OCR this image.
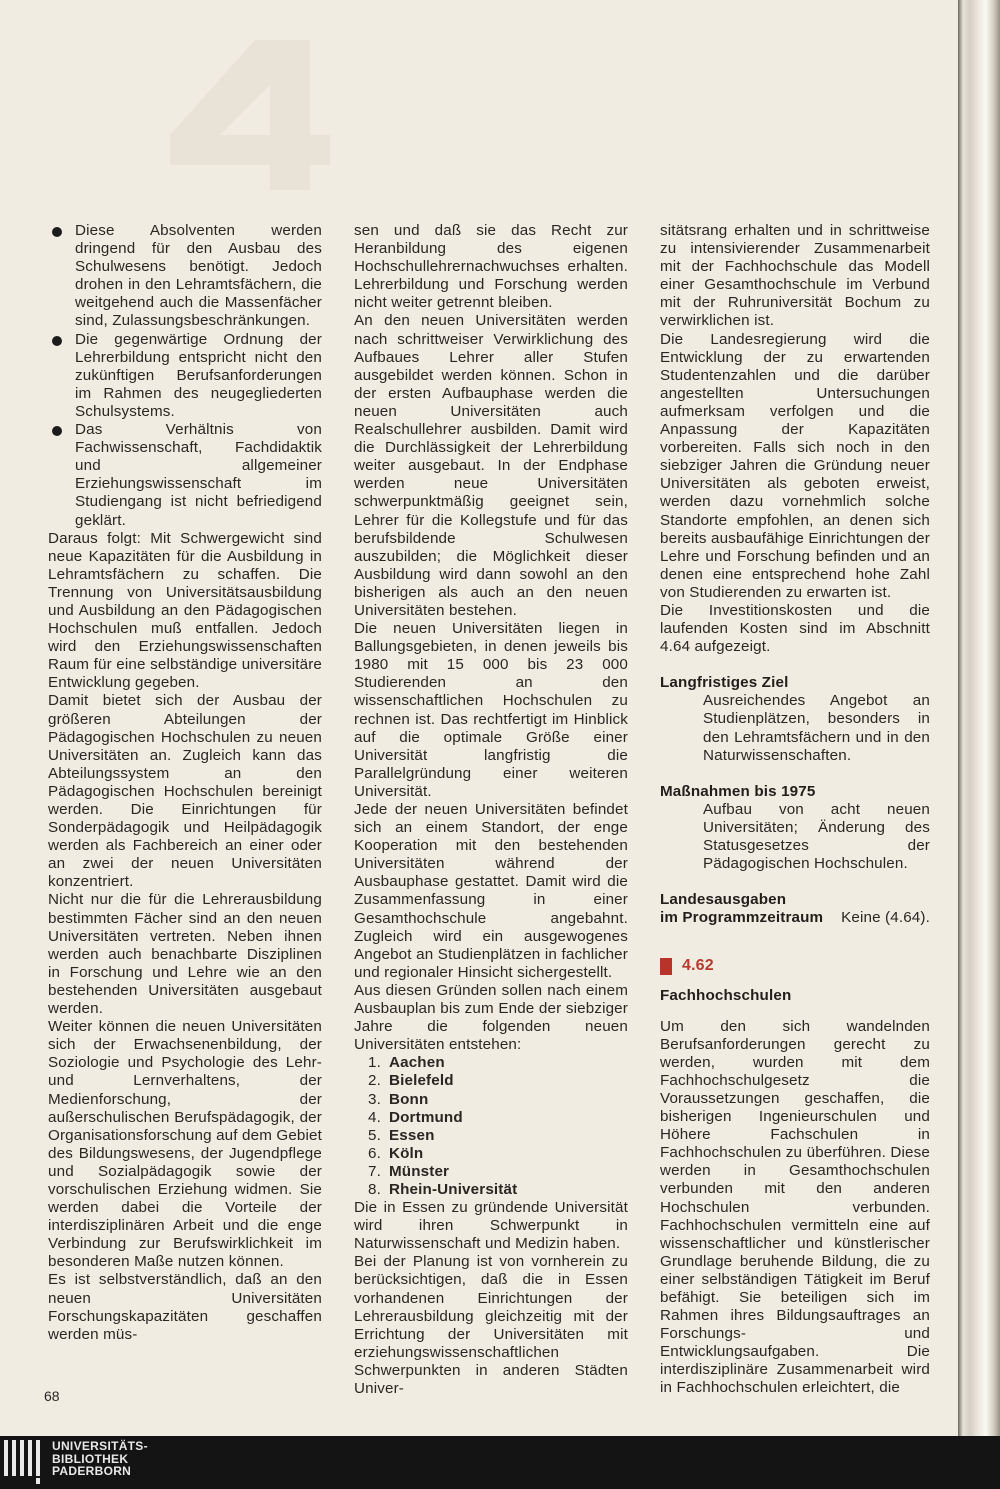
Diese Absolventen werden dringend für den Ausbau des Schulwesens benötigt. Jedoch drohen in den Lehramtsfächern, die weitgehend auch die Massenfächer sind, Zulassungsbeschränkungen.

Die gegenwärtige Ordnung der Lehrerbildung entspricht nicht den zukünftigen Berufsanforderungen im Rahmen des neugegliederten Schulsystems.

Das Verhältnis von Fachwissenschaft, Fachdidaktik und allgemeiner Erziehungswissenschaft im Studiengang ist nicht befriedigend geklärt.

Daraus folgt: Mit Schwergewicht sind neue Kapazitäten für die Ausbildung in Lehramtsfächern zu schaffen. Die Trennung von Universitätsausbildung und Ausbildung an den Pädagogischen Hochschulen muß entfallen. Jedoch wird den Erziehungswissenschaften Raum für eine selbständige universitäre Entwicklung gegeben.

Damit bietet sich der Ausbau der größeren Abteilungen der Pädagogischen Hochschulen zu neuen Universitäten an. Zugleich kann das Abteilungssystem an den Pädagogischen Hochschulen bereinigt werden. Die Einrichtungen für Sonderpädagogik und Heilpädagogik werden als Fachbereich an einer oder an zwei der neuen Universitäten konzentriert.

Nicht nur die für die Lehrerausbildung bestimmten Fächer sind an den neuen Universitäten vertreten. Neben ihnen werden auch benachbarte Disziplinen in Forschung und Lehre wie an den bestehenden Universitäten ausgebaut werden.

Weiter können die neuen Universitäten sich der Erwachsenenbildung, der Soziologie und Psychologie des Lehr- und Lernverhaltens, der Medienforschung, der außerschulischen Berufspädagogik, der Organisationsforschung auf dem Gebiet des Bildungswesens, der Jugendpflege und Sozialpädagogik sowie der vorschulischen Erziehung widmen. Sie werden dabei die Vorteile der interdisziplinären Arbeit und die enge Verbindung zur Berufswirklichkeit im besonderen Maße nutzen können.

Es ist selbstverständlich, daß an den neuen Universitäten Forschungskapazitäten geschaffen werden müs-

sen und daß sie das Recht zur Heranbildung des eigenen Hochschullehrernachwuchses erhalten. Lehrerbildung und Forschung werden nicht weiter getrennt bleiben.

An den neuen Universitäten werden nach schrittweiser Verwirklichung des Aufbaues Lehrer aller Stufen ausgebildet werden können. Schon in der ersten Aufbauphase werden die neuen Universitäten auch Realschullehrer ausbilden. Damit wird die Durchlässigkeit der Lehrerbildung weiter ausgebaut. In der Endphase werden neue Universitäten schwerpunktmäßig geeignet sein, Lehrer für die Kollegstufe und für das berufsbildende Schulwesen auszubilden; die Möglichkeit dieser Ausbildung wird dann sowohl an den bisherigen als auch an den neuen Universitäten bestehen.

Die neuen Universitäten liegen in Ballungsgebieten, in denen jeweils bis 1980 mit 15 000 bis 23 000 Studierenden an den wissenschaftlichen Hochschulen zu rechnen ist. Das rechtfertigt im Hinblick auf die optimale Größe einer Universität langfristig die Parallelgründung einer weiteren Universität.

Jede der neuen Universitäten befindet sich an einem Standort, der enge Kooperation mit den bestehenden Universitäten während der Ausbauphase gestattet. Damit wird die Zusammenfassung in einer Gesamthochschule angebahnt. Zugleich wird ein ausgewogenes Angebot an Studienplätzen in fachlicher und regionaler Hinsicht sichergestellt.

Aus diesen Gründen sollen nach einem Ausbauplan bis zum Ende der siebziger Jahre die folgenden neuen Universitäten entstehen:

1. Aachen
2. Bielefeld
3. Bonn
4. Dortmund
5. Essen
6. Köln
7. Münster
8. Rhein-Universität

Die in Essen zu gründende Universität wird ihren Schwerpunkt in Naturwissenschaft und Medizin haben.

Bei der Planung ist von vornherein zu berücksichtigen, daß die in Essen vorhandenen Einrichtungen der Lehrerausbildung gleichzeitig mit der Errichtung der Universitäten mit erziehungswissenschaftlichen Schwerpunkten in anderen Städten Univer-

sitätsrang erhalten und in schrittweise zu intensivierender Zusammenarbeit mit der Fachhochschule das Modell einer Gesamthochschule im Verbund mit der Ruhruniversität Bochum zu verwirklichen ist.

Die Landesregierung wird die Entwicklung der zu erwartenden Studentenzahlen und die darüber angestellten Untersuchungen aufmerksam verfolgen und die Anpassung der Kapazitäten vorbereiten. Falls sich noch in den siebziger Jahren die Gründung neuer Universitäten als geboten erweist, werden dazu vornehmlich solche Standorte empfohlen, an denen sich bereits ausbaufähige Einrichtungen der Lehre und Forschung befinden und an denen eine entsprechend hohe Zahl von Studierenden zu erwarten ist.

Die Investitionskosten und die laufenden Kosten sind im Abschnitt 4.64 aufgezeigt.

Langfristiges Ziel

Ausreichendes Angebot an Studienplätzen, besonders in den Lehramtsfächern und in den Naturwissenschaften.

Maßnahmen bis 1975

Aufbau von acht neuen Universitäten; Änderung des Statusgesetzes der Pädagogischen Hochschulen.

Landesausgaben

im Programmzeitraum Keine (4.64).

4.62

Fachhochschulen

Um den sich wandelnden Berufsanforderungen gerecht zu werden, wurden mit dem Fachhochschulgesetz die Voraussetzungen geschaffen, die bisherigen Ingenieurschulen und Höhere Fachschulen in Fachhochschulen zu überführen. Diese werden in Gesamthochschulen verbunden mit den anderen Hochschulen verbunden. Fachhochschulen vermitteln eine auf wissenschaftlicher und künstlerischer Grundlage beruhende Bildung, die zu einer selbständigen Tätigkeit im Beruf befähigt. Sie beteiligen sich im Rahmen ihres Bildungsauftrages an Forschungs- und Entwicklungsaufgaben. Die interdisziplinäre Zusammenarbeit wird in Fachhochschulen erleichtert, die

68
UNIVERSITÄTS-
BIBLIOTHEK
PADERBORN
